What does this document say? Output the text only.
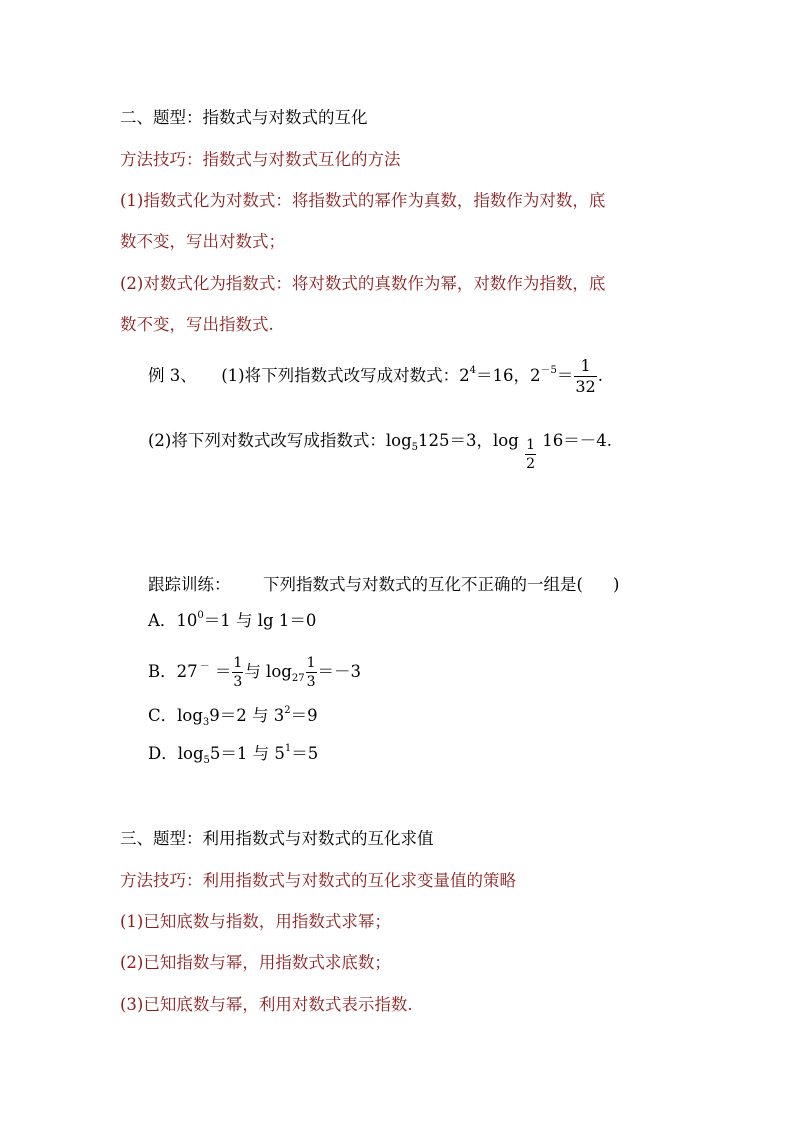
二、题型：指数式与对数式的互化
方法技巧：指数式与对数式互化的方法
(1)指数式化为对数式：将指数式的幂作为真数，指数作为对数，底
数不变，写出对数式；
(2)对数式化为指数式：将对数式的真数作为幂，对数作为指数，底
数不变，写出指数式.
例 3、 (1)将下列指数式改写成对数式：$2^4=16$，$2^{-5}= \frac{1}{32}$ .
(2)将下列对数式改写成指数式：$\log_5125=3$，$\log \frac{1}{2} 16=-4$.
跟踪训练： 下列指数式与对数式的互化不正确的一组是( )
A．$10^0=1$ 与 lg 1＝0
B．27 $^- = \frac{1}{3}$ 与 $\log_{27} \frac{1}{3} =-3$
C．$\log_39=2$ 与 $3^2=9$
D．$\log_55=1$ 与 $5^1=5$
三、题型：利用指数式与对数式的互化求值
方法技巧：利用指数式与对数式的互化求变量值的策略
(1)已知底数与指数，用指数式求幂；
(2)已知指数与幂，用指数式求底数；
(3)已知底数与幂，利用对数式表示指数.
